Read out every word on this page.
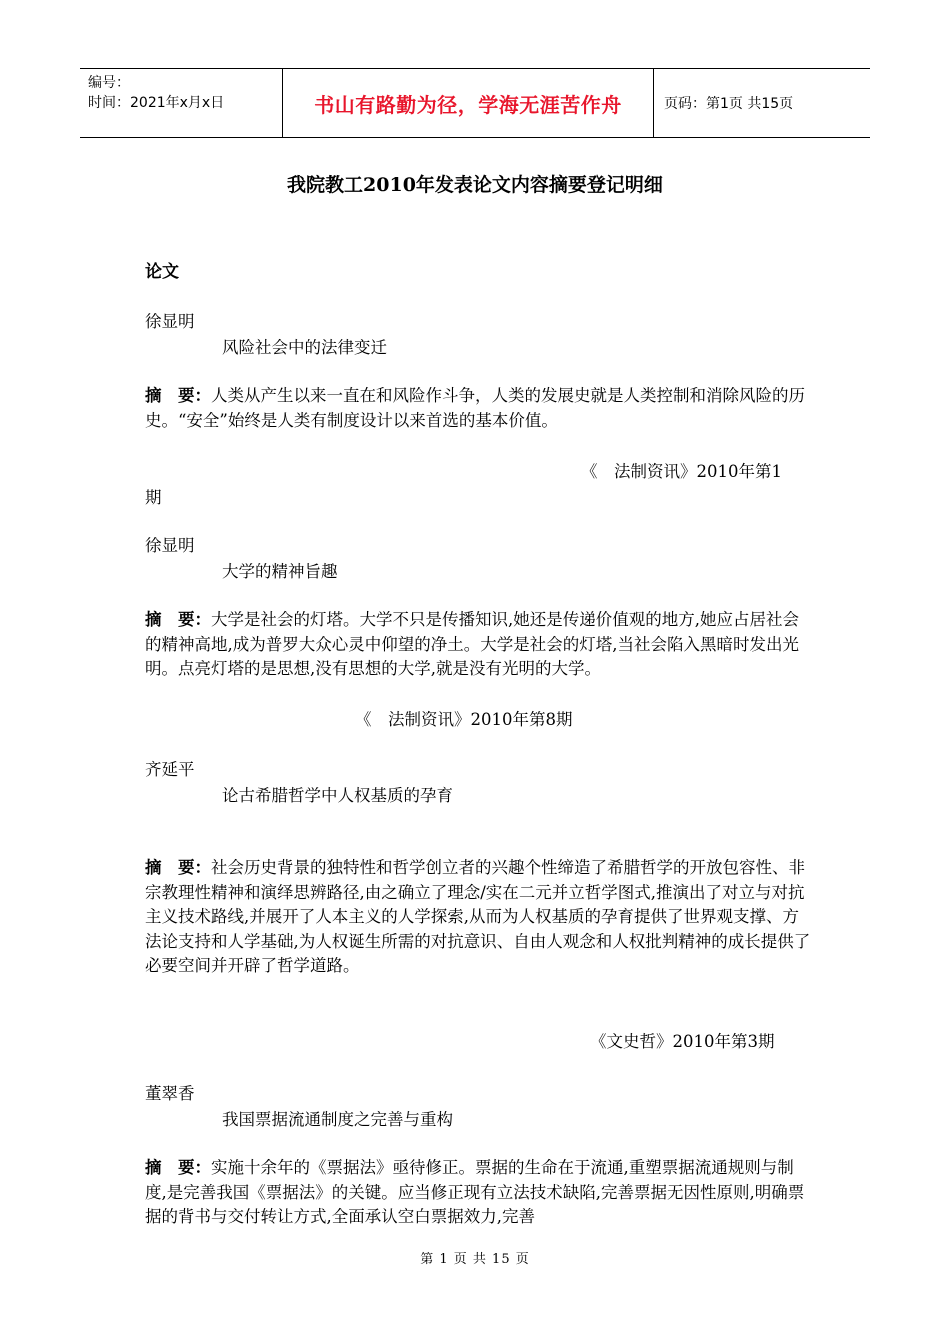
编号：
时间：2021年x月x日	书山有路勤为径，学海无涯苦作舟	页码：第1页 共15页
我院教工2010年发表论文内容摘要登记明细
论文
徐显明
风险社会中的法律变迁
摘　要：人类从产生以来一直在和风险作斗争，人类的发展史就是人类控制和消除风险的历史。“安全”始终是人类有制度设计以来首选的基本价值。
《　法制资讯》2010年第1
期
徐显明
大学的精神旨趣
摘　要：大学是社会的灯塔。大学不只是传播知识,她还是传递价值观的地方,她应占居社会的精神高地,成为普罗大众心灵中仰望的净土。大学是社会的灯塔,当社会陷入黑暗时发出光明。点亮灯塔的是思想,没有思想的大学,就是没有光明的大学。
《　法制资讯》2010年第8期
齐延平
论古希腊哲学中人权基质的孕育
摘　要：社会历史背景的独特性和哲学创立者的兴趣个性缔造了希腊哲学的开放包容性、非宗教理性精神和演绎思辨路径,由之确立了理念/实在二元并立哲学图式,推演出了对立与对抗主义技术路线,并展开了人本主义的人学探索,从而为人权基质的孕育提供了世界观支撑、方法论支持和人学基础,为人权诞生所需的对抗意识、自由人观念和人权批判精神的成长提供了必要空间并开辟了哲学道路。
《文史哲》2010年第3期
董翠香
我国票据流通制度之完善与重构
摘　要：实施十余年的《票据法》亟待修正。票据的生命在于流通,重塑票据流通规则与制度,是完善我国《票据法》的关键。应当修正现有立法技术缺陷,完善票据无因性原则,明确票据的背书与交付转让方式,全面承认空白票据效力,完善
第 1 页 共 15 页
